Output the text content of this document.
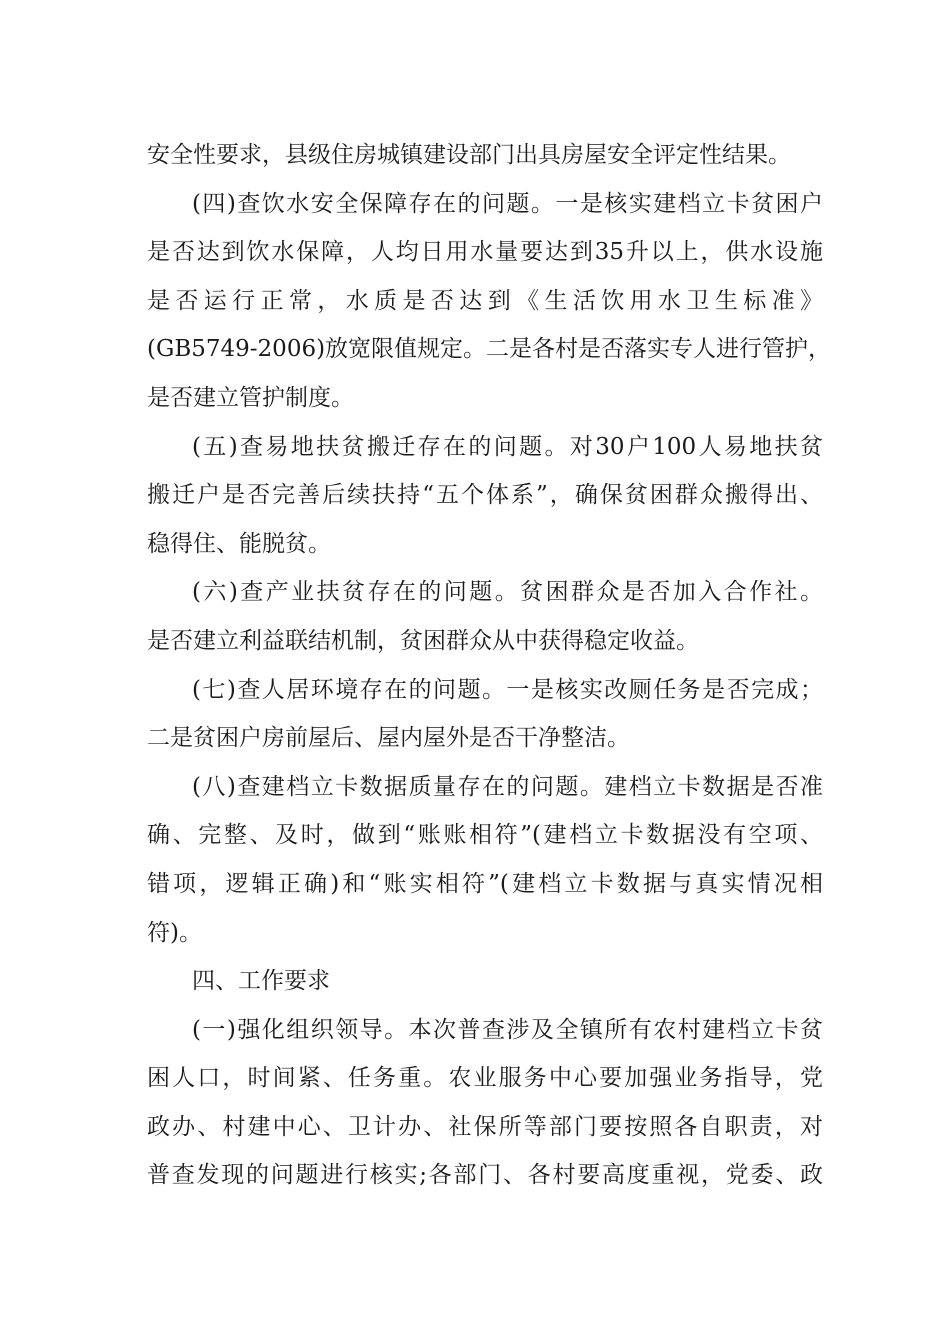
安全性要求，县级住房城镇建设部门出具房屋安全评定性结果。
(四)查饮水安全保障存在的问题。一是核实建档立卡贫困户
是否达到饮水保障，人均日用水量要达到35升以上，供水设施
是否运行正常，水质是否达到《生活饮用水卫生标准》
(GB5749-2006)放宽限值规定。二是各村是否落实专人进行管护，
是否建立管护制度。
(五)查易地扶贫搬迁存在的问题。对30户100人易地扶贫
搬迁户是否完善后续扶持“五个体系”，确保贫困群众搬得出、
稳得住、能脱贫。
(六)查产业扶贫存在的问题。贫困群众是否加入合作社。
是否建立利益联结机制，贫困群众从中获得稳定收益。
(七)查人居环境存在的问题。一是核实改厕任务是否完成；
二是贫困户房前屋后、屋内屋外是否干净整洁。
(八)查建档立卡数据质量存在的问题。建档立卡数据是否准
确、完整、及时，做到“账账相符”(建档立卡数据没有空项、
错项，逻辑正确)和“账实相符”(建档立卡数据与真实情况相
符)。
四、工作要求
(一)强化组织领导。本次普查涉及全镇所有农村建档立卡贫
困人口，时间紧、任务重。农业服务中心要加强业务指导，党
政办、村建中心、卫计办、社保所等部门要按照各自职责，对
普查发现的问题进行核实;各部门、各村要高度重视，党委、政
